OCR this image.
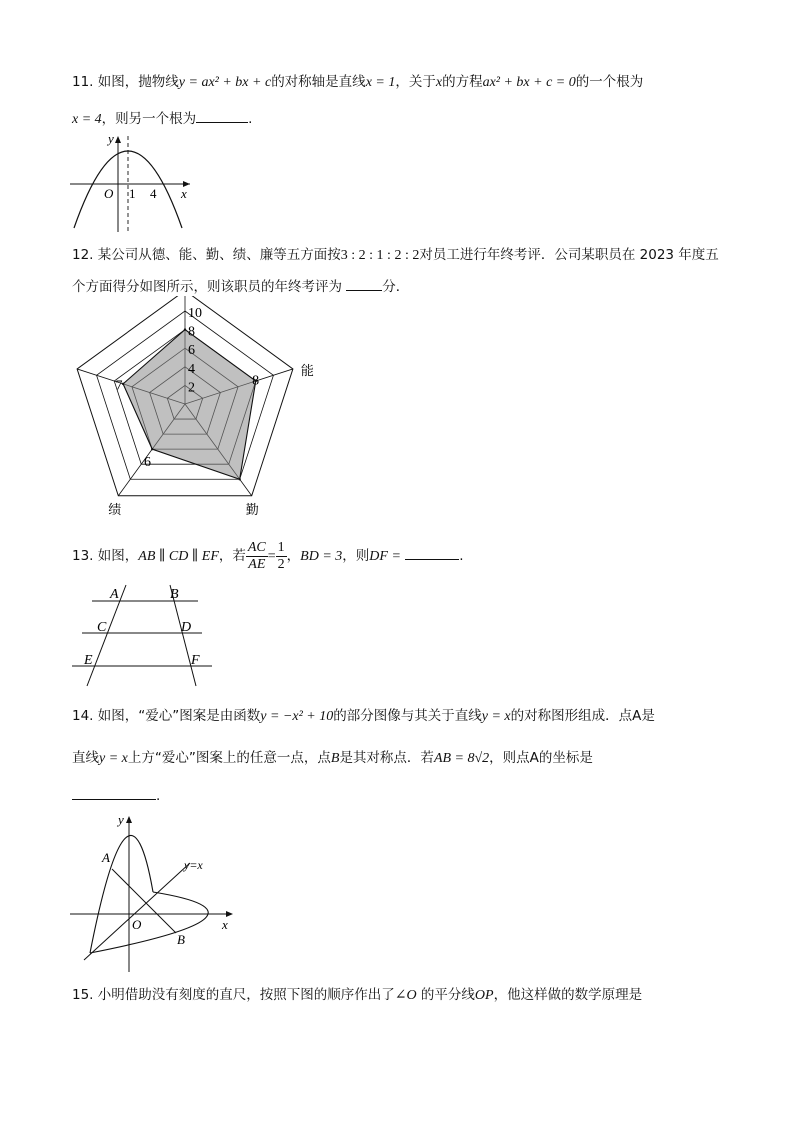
11. 如图，抛物线y = ax² + bx + c的对称轴是直线x = 1，关于x的方程ax² + bx + c = 0的一个根为
x = 4，则另一个根为	.
y
x
O 1 4
12. 某公司从德、能、勤、绩、廉等五方面按3 : 2 : 1 : 2 : 2对员工进行年终考评．公司某职员在 2023 年度五
个方面得分如图所示，则该职员的年终考评为	分．
2
4
6
8
10
8
6
7
能
勤
绩
13. 如图，AB ∥ CD ∥ EF，若 $\frac{AC}{AE} = \frac{1}{2}$ ，BD = 3，则DF =	.
A	B
C	D
E	F
14. 如图，“爱心”图案是由函数y = −x² + 10的部分图像与其关于直线y = x的对称图形组成．点A是
直线y = x上方“爱心”图案上的任意一点，点B是其对称点．若AB = 8√2，则点A的坐标是
.
A
B
y
x
O
y=x
15. 小明借助没有刻度的直尺，按照下图的顺序作出了∠O 的平分线OP，他这样做的数学原理是
